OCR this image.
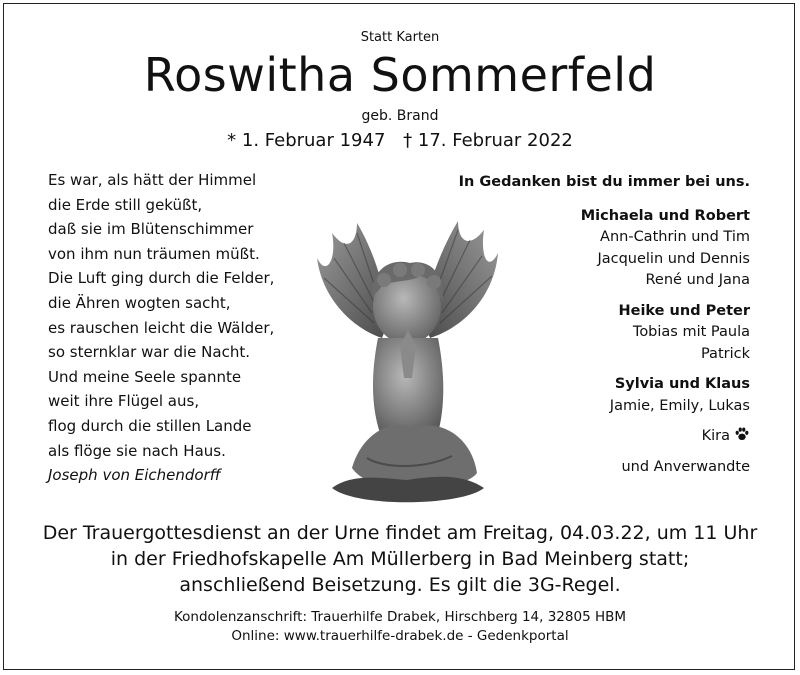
Statt Karten
Roswitha Sommerfeld
geb. Brand
* 1. Februar 1947 † 17. Februar 2022
Es war, als hätt der Himmel
die Erde still geküßt,
daß sie im Blütenschimmer
von ihm nun träumen müßt.
Die Luft ging durch die Felder,
die Ähren wogten sacht,
es rauschen leicht die Wälder,
so sternklar war die Nacht.
Und meine Seele spannte
weit ihre Flügel aus,
flog durch die stillen Lande
als flöge sie nach Haus.
Joseph von Eichendorff
In Gedanken bist du immer bei uns.
Michaela und Robert
Ann-Cathrin und Tim
Jacquelin und Dennis
René und Jana
Heike und Peter
Tobias mit Paula
Patrick
Sylvia und Klaus
Jamie, Emily, Lukas
Kira
und Anverwandte
Der Trauergottesdienst an der Urne findet am Freitag, 04.03.22, um 11 Uhr
in der Friedhofskapelle Am Müllerberg in Bad Meinberg statt;
anschließend Beisetzung. Es gilt die 3G-Regel.
Kondolenzanschrift: Trauerhilfe Drabek, Hirschberg 14, 32805 HBM
Online: www.trauerhilfe-drabek.de - Gedenkportal
